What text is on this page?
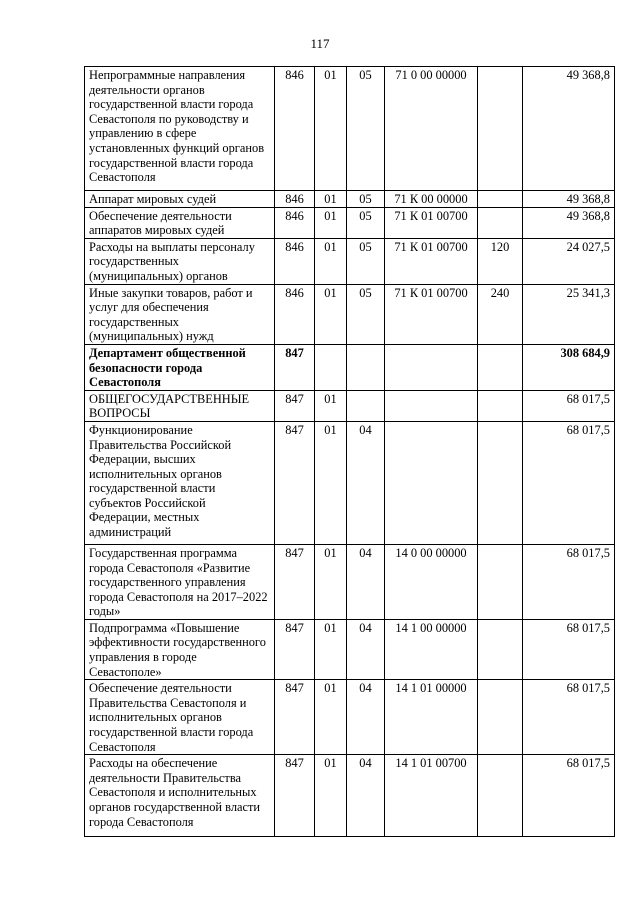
117
Непрограммные направления деятельности органов государственной власти города Севастополя по руководству и управлению в сфере установленных функций органов государственной власти города Севастополя	846	01	05	71 0 00 00000		49 368,8
Аппарат мировых судей	846	01	05	71 К 00 00000		49 368,8
Обеспечение деятельности аппаратов мировых судей	846	01	05	71 К 01 00700		49 368,8
Расходы на выплаты персоналу государственных (муниципальных) органов	846	01	05	71 К 01 00700	120	24 027,5
Иные закупки товаров, работ и услуг для обеспечения государственных (муниципальных) нужд	846	01	05	71 К 01 00700	240	25 341,3
Департамент общественной безопасности города Севастополя	847					308 684,9
ОБЩЕГОСУДАРСТВЕННЫЕ ВОПРОСЫ	847	01				68 017,5
Функционирование Правительства Российской Федерации, высших исполнительных органов государственной власти субъектов Российской Федерации, местных администраций	847	01	04			68 017,5
Государственная программа города Севастополя «Развитие государственного управления города Севастополя на 2017–2022 годы»	847	01	04	14 0 00 00000		68 017,5
Подпрограмма «Повышение эффективности государственного управления в городе Севастополе»	847	01	04	14 1 00 00000		68 017,5
Обеспечение деятельности Правительства Севастополя и исполнительных органов государственной власти города Севастополя	847	01	04	14 1 01 00000		68 017,5
Расходы на обеспечение деятельности Правительства Севастополя и исполнительных органов государственной власти города Севастополя	847	01	04	14 1 01 00700		68 017,5
